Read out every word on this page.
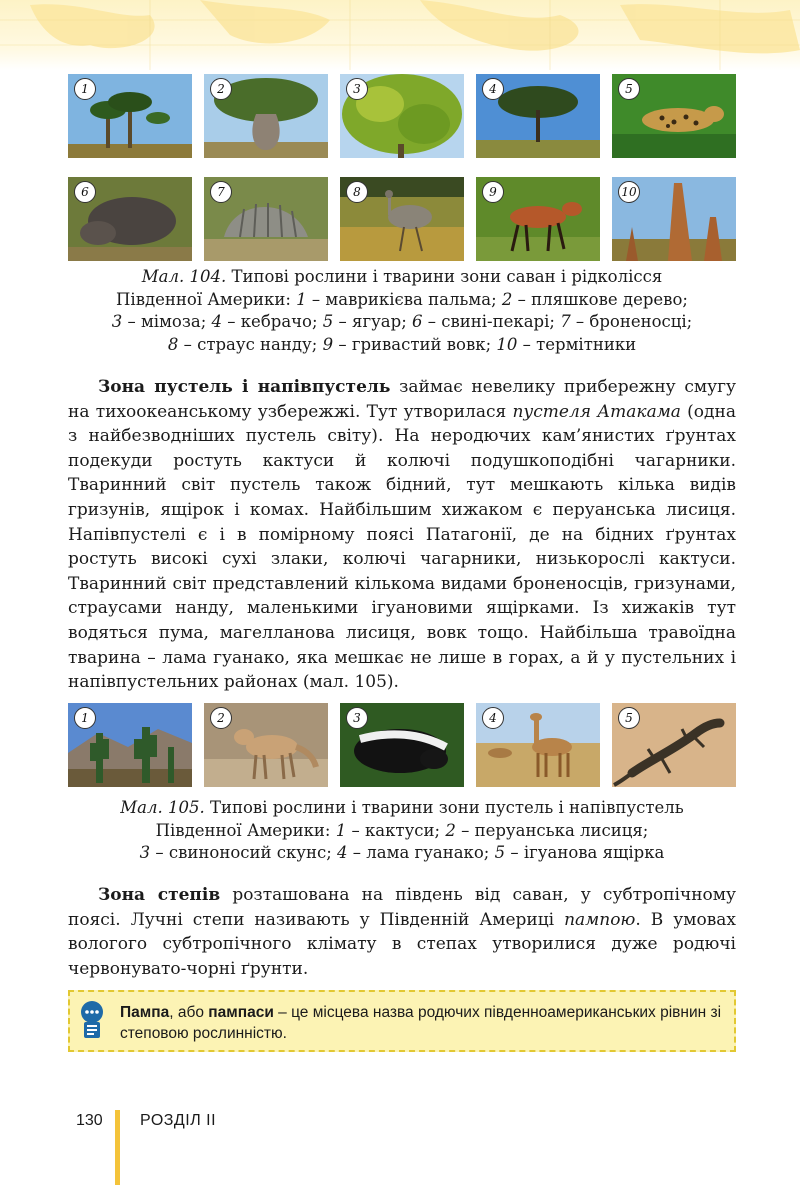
1	2	3	4	5
6	7	8	9	10
Мал. 104. Типові рослини і тварини зони саван і рідколісся
Південної Америки: 1 – маврикієва пальма; 2 – пляшкове дерево;
3 – мімоза; 4 – кебрачо; 5 – ягуар; 6 – свині-пекарі; 7 – броненосці;
8 – страус нанду; 9 – гривастий вовк; 10 – термітники
Зона пустель і напівпустель займає невелику прибережну смугу на тихоокеанському узбережжі. Тут утворилася пустеля Атакама (одна з найбезводніших пустель світу). На неродючих кам’янистих ґрунтах подекуди ростуть кактуси й колючі подушкоподібні чагарники. Тваринний світ пустель також бідний, тут мешкають кілька видів гризунів, ящірок і комах. Найбільшим хижаком є перуанська лисиця. Напівпустелі є і в помірному поясі Патагонії, де на бідних ґрунтах ростуть високі сухі злаки, колючі чагарники, низькорослі кактуси. Тваринний світ представлений кількома видами броненосців, гризунами, страусами нанду, маленькими ігуановими ящірками. Із хижаків тут водяться пума, магелланова лисиця, вовк тощо. Найбільша травоїдна тварина – лама гуанако, яка мешкає не лише в горах, а й у пустельних і напівпустельних районах (мал. 105).
1	2	3	4	5
Мал. 105. Типові рослини і тварини зони пустель і напівпустель
Південної Америки: 1 – кактуси; 2 – перуанська лисиця;
3 – свиноносий скунс; 4 – лама гуанако; 5 – ігуанова ящірка
Зона степів розташована на південь від саван, у субтропічному поясі. Лучні степи називають у Південній Америці пампою. В умовах вологого субтропічного клімату в степах утворилися дуже родючі червонувато-чорні ґрунти.
Пампа, або пампаси – це місцева назва родючих південноамериканських рівнин зі степовою рослинністю.
130 РОЗДІЛ II
